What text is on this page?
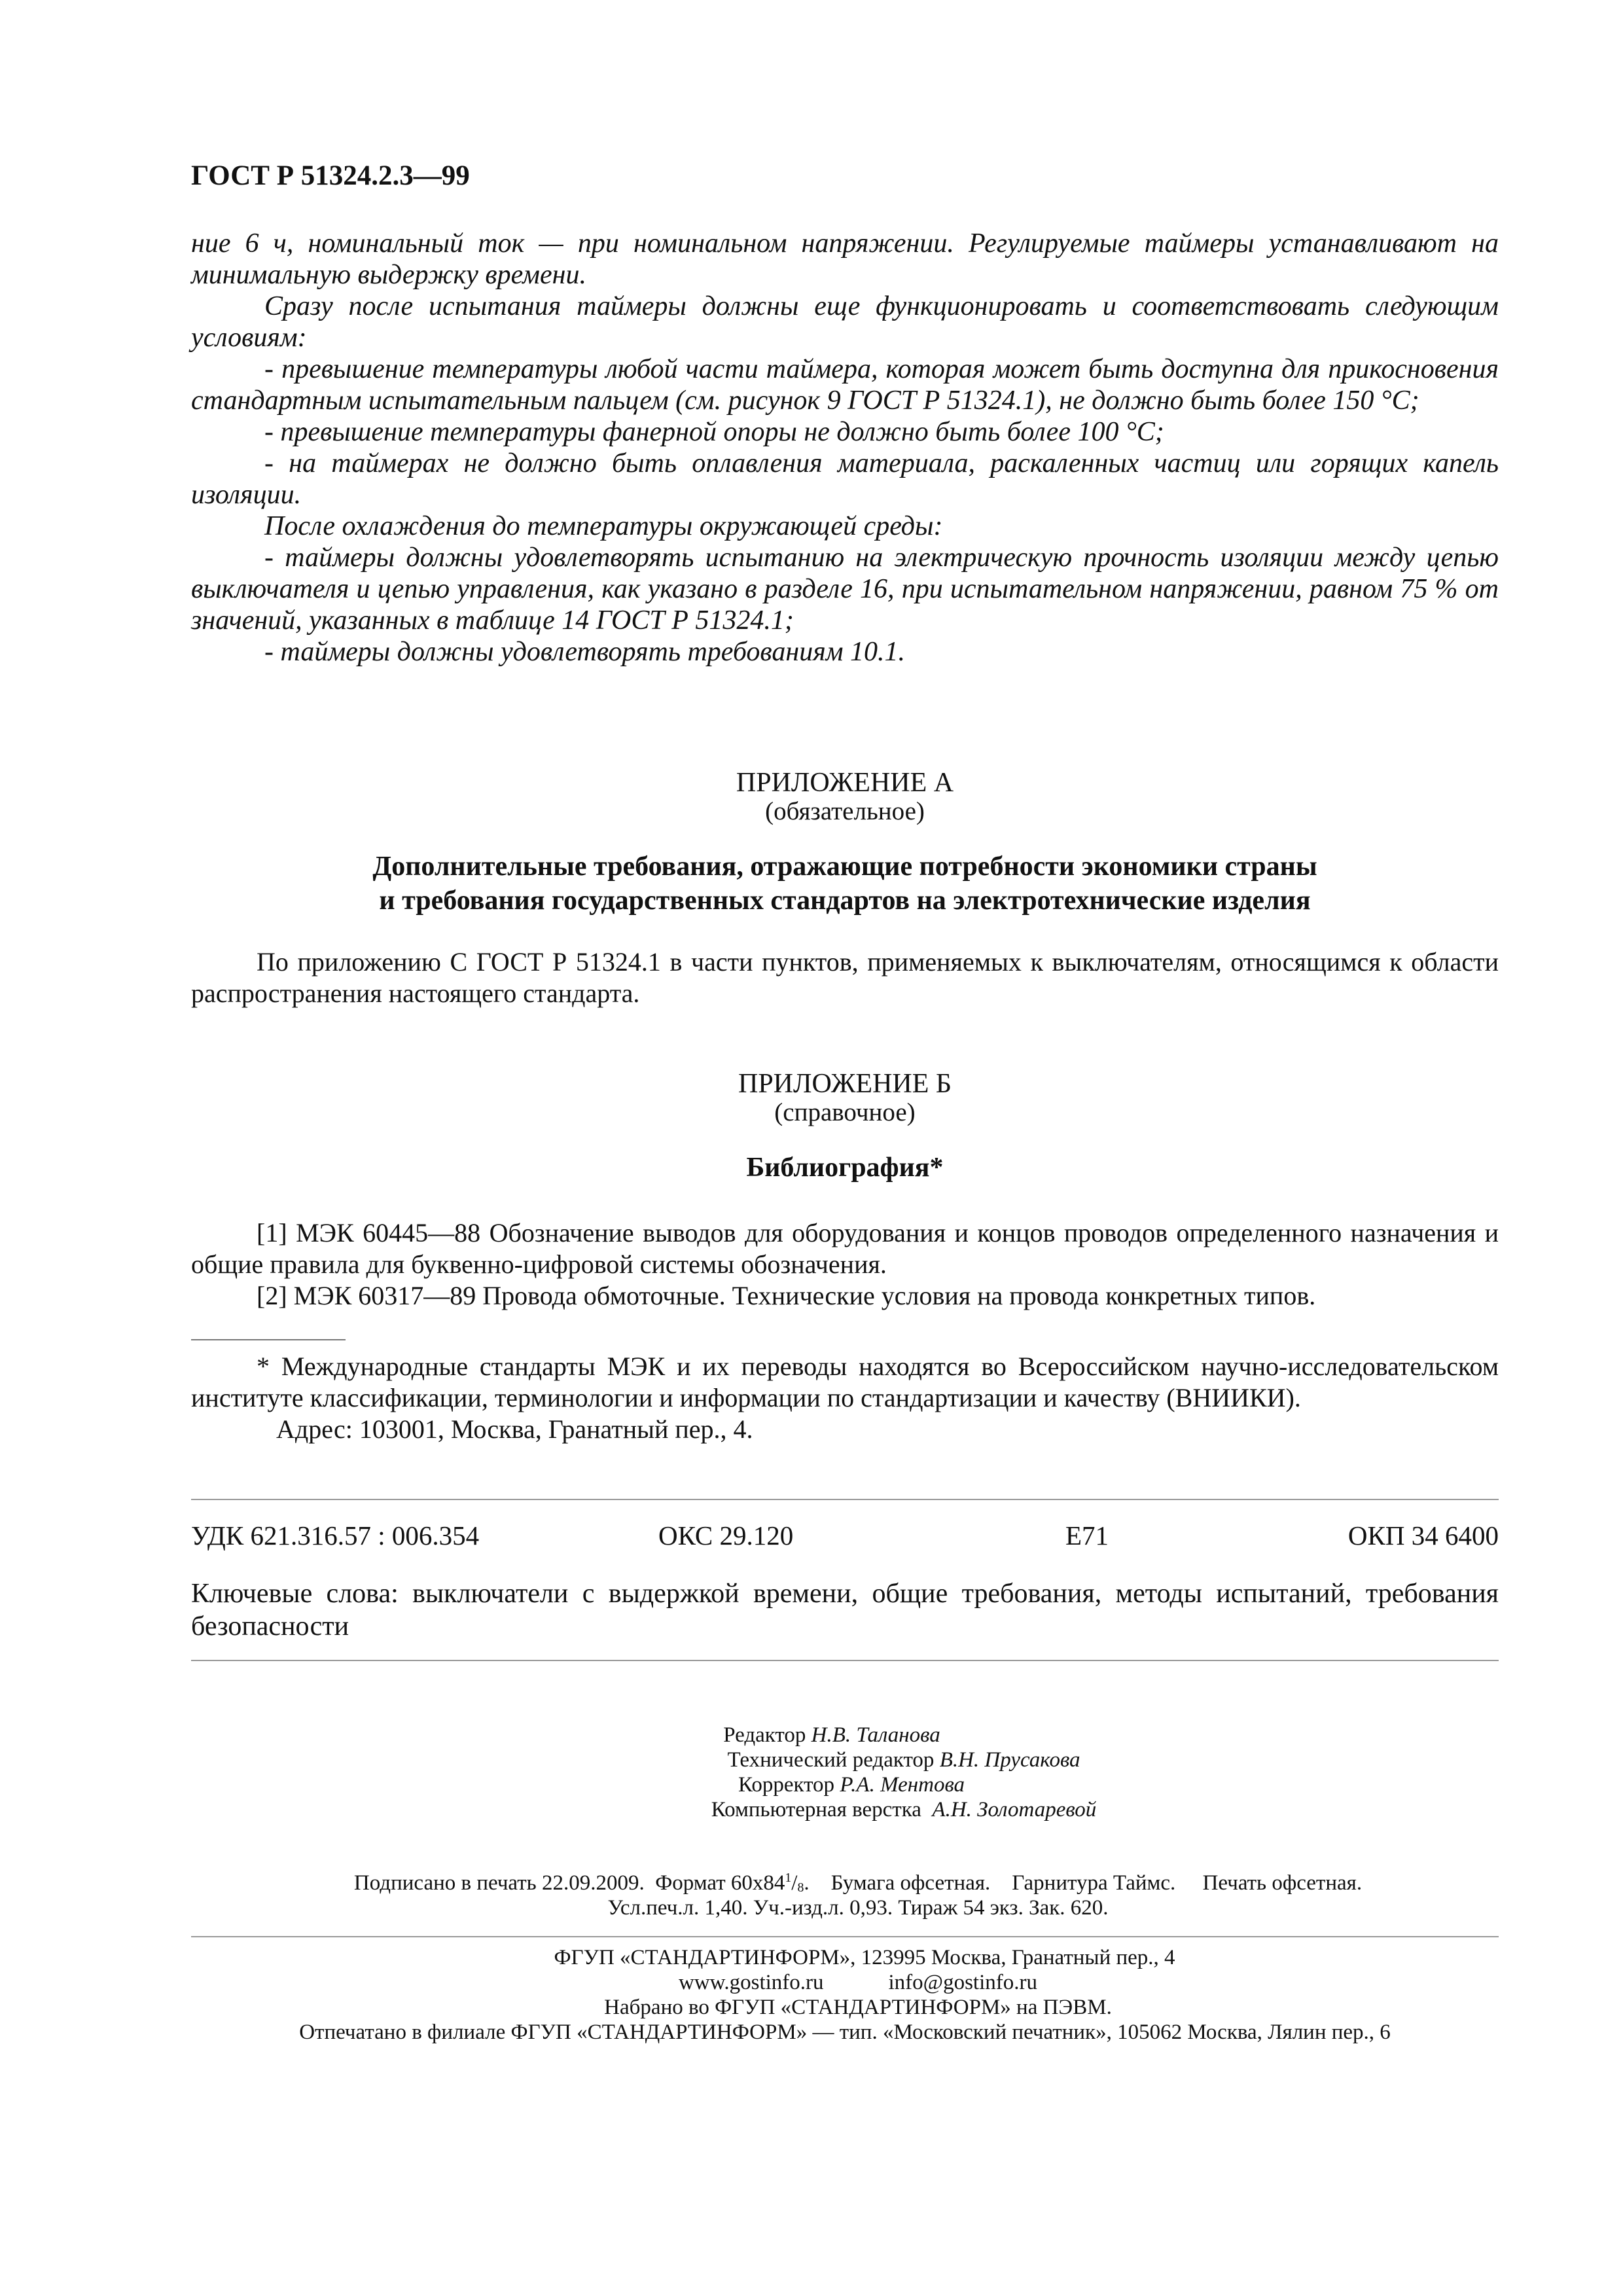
ГОСТ Р 51324.2.3—99

ние 6 ч, номинальный ток — при номинальном напряжении. Регулируемые таймеры устанавливают на минимальную выдержку времени.

Сразу после испытания таймеры должны еще функционировать и соответствовать следующим условиям:

- превышение температуры любой части таймера, которая может быть доступна для прикосновения стандартным испытательным пальцем (см. рисунок 9 ГОСТ Р 51324.1), не должно быть более 150 °С;

- превышение температуры фанерной опоры не должно быть более 100 °С;

- на таймерах не должно быть оплавления материала, раскаленных частиц или горящих капель изоляции.

После охлаждения до температуры окружающей среды:

- таймеры должны удовлетворять испытанию на электрическую прочность изоляции между цепью выключателя и цепью управления, как указано в разделе 16, при испытательном напряжении, равном 75 % от значений, указанных в таблице 14 ГОСТ Р 51324.1;

- таймеры должны удовлетворять требованиям 10.1.

ПРИЛОЖЕНИЕ А
(обязательное)
Дополнительные требования, отражающие потребности экономики страны
и требования государственных стандартов на электротехнические изделия

По приложению С ГОСТ Р 51324.1 в части пунктов, применяемых к выключателям, относящимся к области распространения настоящего стандарта.

ПРИЛОЖЕНИЕ Б
(справочное)
Библиография*

[1] МЭК 60445—88 Обозначение выводов для оборудования и концов проводов определенного назначения и общие правила для буквенно-цифровой системы обозначения.

[2] МЭК 60317—89 Провода обмоточные. Технические условия на провода конкретных типов.

* Международные стандарты МЭК и их переводы находятся во Всероссийском научно-исследовательском институте классификации, терминологии и информации по стандартизации и качеству (ВНИИКИ).

Адрес: 103001, Москва, Гранатный пер., 4.

УДК 621.316.57 : 006.354	ОКС 29.120	Е71	ОКП 34 6400
Ключевые слова: выключатели с выдержкой времени, общие требования, методы испытаний, требования безопасности
Редактор Н.В. Таланова
Технический редактор В.Н. Прусакова
Корректор Р.А. Ментова
Компьютерная верстка А.Н. Золотаревой
Подписано в печать 22.09.2009. Формат $60х84^1/_8$.    Бумага офсетная. Гарнитура Таймс. Печать офсетная.
Усл.печ.л. 1,40. Уч.-изд.л. 0,93. Тираж 54 экз. Зак. 620.
ФГУП «СТАНДАРТИНФОРМ», 123995 Москва, Гранатный пер., 4
www.gostinfo.ru	info@gostinfo.ru
Набрано во ФГУП «СТАНДАРТИНФОРМ» на ПЭВМ.
Отпечатано в филиале ФГУП «СТАНДАРТИНФОРМ» — тип. «Московский печатник», 105062 Москва, Лялин пер., 6
